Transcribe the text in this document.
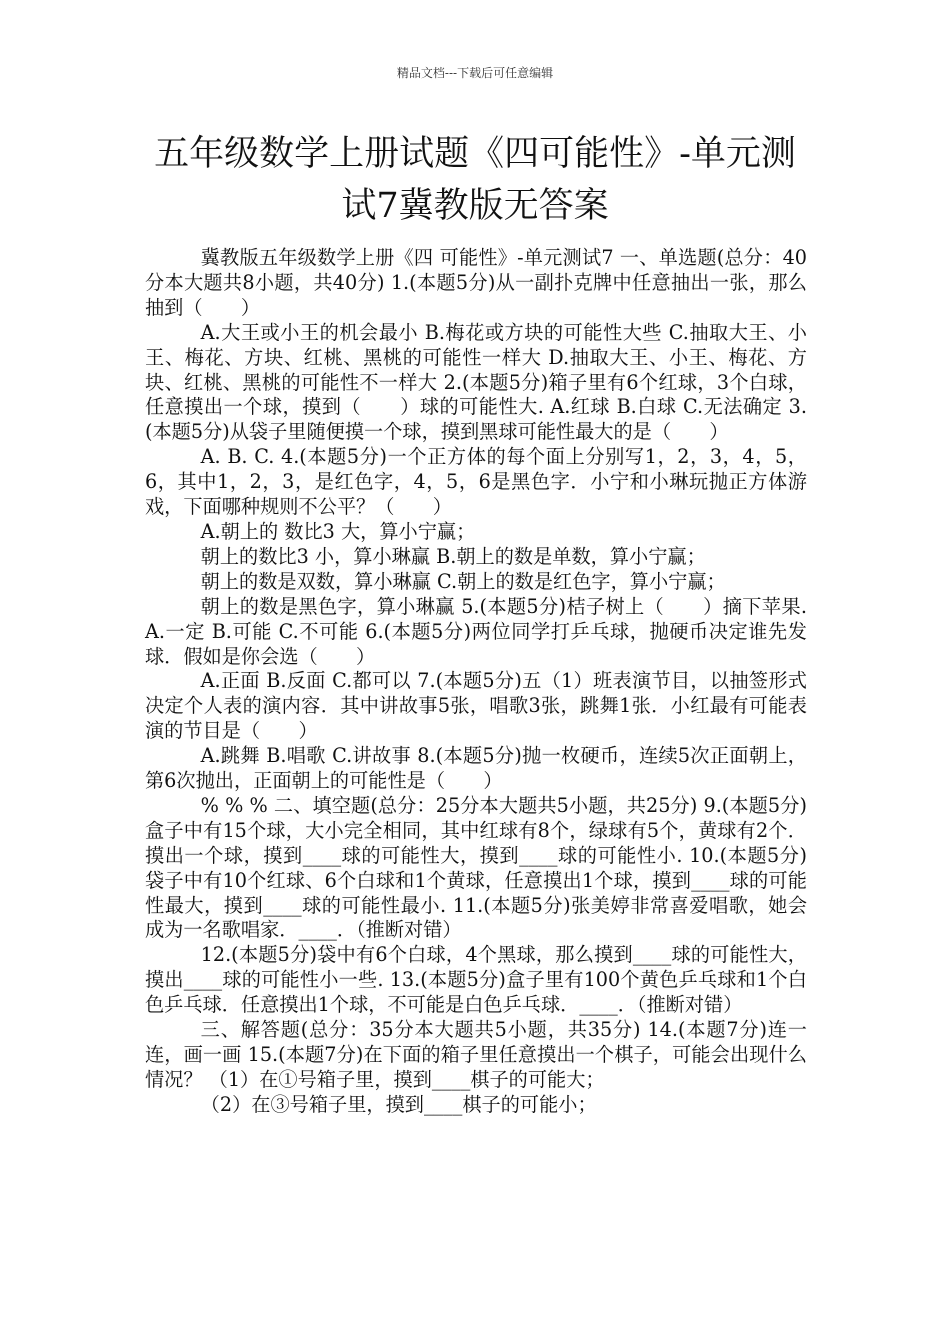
精品文档---下载后可任意编辑
五年级数学上册试题《四可能性》-单元测
试7冀教版无答案

冀教版五年级数学上册《四 可能性》-单元测试7 一、单选题(总分：40分本大题共8小题，共40分) 1.(本题5分)从一副扑克牌中任意抽出一张，那么抽到（　　）

A.大王或小王的机会最小 B.梅花或方块的可能性大些 C.抽取大王、小王、梅花、方块、红桃、黑桃的可能性一样大 D.抽取大王、小王、梅花、方块、红桃、黑桃的可能性不一样大 2.(本题5分)箱子里有6个红球，3个白球，任意摸出一个球，摸到（　　）球的可能性大. A.红球 B.白球 C.无法确定 3.(本题5分)从袋子里随便摸一个球，摸到黑球可能性最大的是（　　）

A. B. C. 4.(本题5分)一个正方体的每个面上分别写1，2，3，4，5，6，其中1，2，3，是红色字，4，5，6是黑色字．小宁和小琳玩抛正方体游戏，下面哪种规则不公平？（　　）

A.朝上的 数比3 大，算小宁赢；

朝上的数比3 小，算小琳赢 B.朝上的数是单数，算小宁赢；

朝上的数是双数，算小琳赢 C.朝上的数是红色字，算小宁赢；

朝上的数是黑色字，算小琳赢 5.(本题5分)桔子树上（　　）摘下苹果. A.一定 B.可能 C.不可能 6.(本题5分)两位同学打乒乓球，抛硬币决定谁先发球．假如是你会选（　　）

A.正面 B.反面 C.都可以 7.(本题5分)五（1）班表演节目，以抽签形式决定个人表的演内容．其中讲故事5张，唱歌3张，跳舞1张．小红最有可能表演的节目是（　　）

A.跳舞 B.唱歌 C.讲故事 8.(本题5分)抛一枚硬币，连续5次正面朝上，第6次抛出，正面朝上的可能性是（　　）

% % % 二、填空题(总分：25分本大题共5小题，共25分) 9.(本题5分)盒子中有15个球，大小完全相同，其中红球有8个，绿球有5个，黄球有2个．摸出一个球，摸到____球的可能性大，摸到____球的可能性小. 10.(本题5分)袋子中有10个红球、6个白球和1个黄球，任意摸出1个球，摸到____球的可能性最大，摸到____球的可能性最小. 11.(本题5分)张美婷非常喜爱唱歌，她会成为一名歌唱家．____．（推断对错）

12.(本题5分)袋中有6个白球，4个黑球，那么摸到____球的可能性大，摸出____球的可能性小一些. 13.(本题5分)盒子里有100个黄色乒乓球和1个白色乒乓球．任意摸出1个球，不可能是白色乒乓球．____．（推断对错）

三、解答题(总分：35分本大题共5小题，共35分) 14.(本题7分)连一连，画一画 15.(本题7分)在下面的箱子里任意摸出一个棋子，可能会出现什么情况？ （1）在①号箱子里，摸到____棋子的可能大；

（2）在③号箱子里，摸到____棋子的可能小；
